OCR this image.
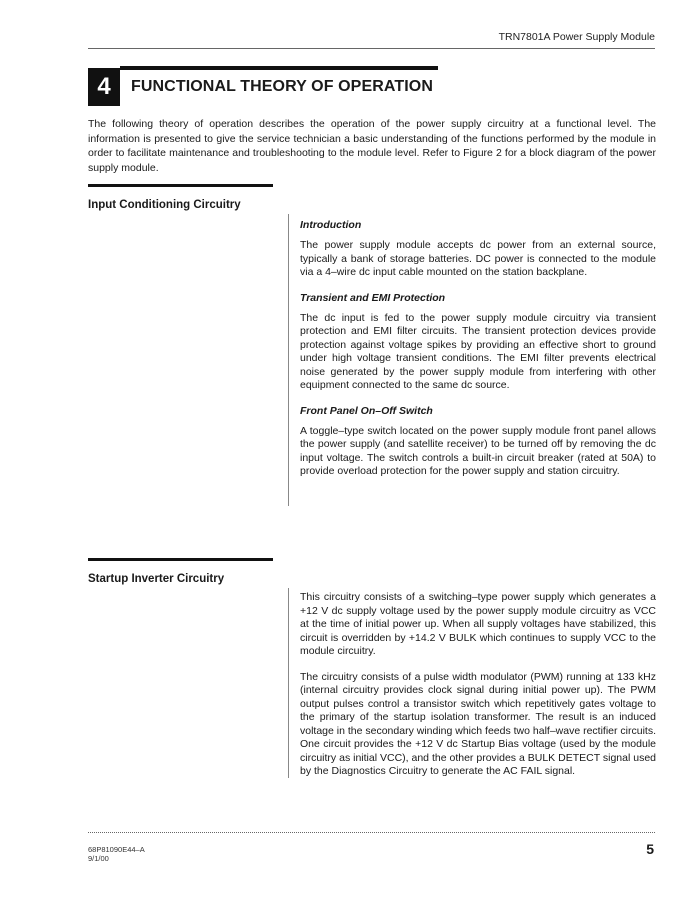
TRN7801A Power Supply Module
4	FUNCTIONAL THEORY OF OPERATION

The following theory of operation describes the operation of the power supply circuitry at a functional level. The information is presented to give the service technician a basic understanding of the functions performed by the module in order to facilitate maintenance and troubleshooting to the module level. Refer to Figure 2 for a block diagram of the power supply module.

Input Conditioning Circuitry
Introduction

The power supply module accepts dc power from an external source, typically a bank of storage batteries. DC power is connected to the module via a 4–wire dc input cable mounted on the station backplane.

Transient and EMI Protection

The dc input is fed to the power supply module circuitry via transient protection and EMI filter circuits. The transient protection devices provide protection against voltage spikes by providing an effective short to ground under high voltage transient conditions. The EMI filter prevents electrical noise generated by the power supply module from interfering with other equipment connected to the same dc source.

Front Panel On–Off Switch

A toggle–type switch located on the power supply module front panel allows the power supply (and satellite receiver) to be turned off by removing the dc input voltage. The switch controls a built-in circuit breaker (rated at 50A) to provide overload protection for the power supply and station circuitry.

Startup Inverter Circuitry

This circuitry consists of a switching–type power supply which generates a +12 V dc supply voltage used by the power supply module circuitry as VCC at the time of initial power up. When all supply voltages have stabilized, this circuit is overridden by +14.2 V BULK which continues to supply VCC to the module circuitry.

The circuitry consists of a pulse width modulator (PWM) running at 133 kHz (internal circuitry provides clock signal during initial power up). The PWM output pulses control a transistor switch which repetitively gates voltage to the primary of the startup isolation transformer. The result is an induced voltage in the secondary winding which feeds two half–wave rectifier circuits. One circuit provides the +12 V dc Startup Bias voltage (used by the module circuitry as initial VCC), and the other provides a BULK DETECT signal used by the Diagnostics Circuitry to generate the AC FAIL signal.

68P81090E44–A
9/1/00
5
